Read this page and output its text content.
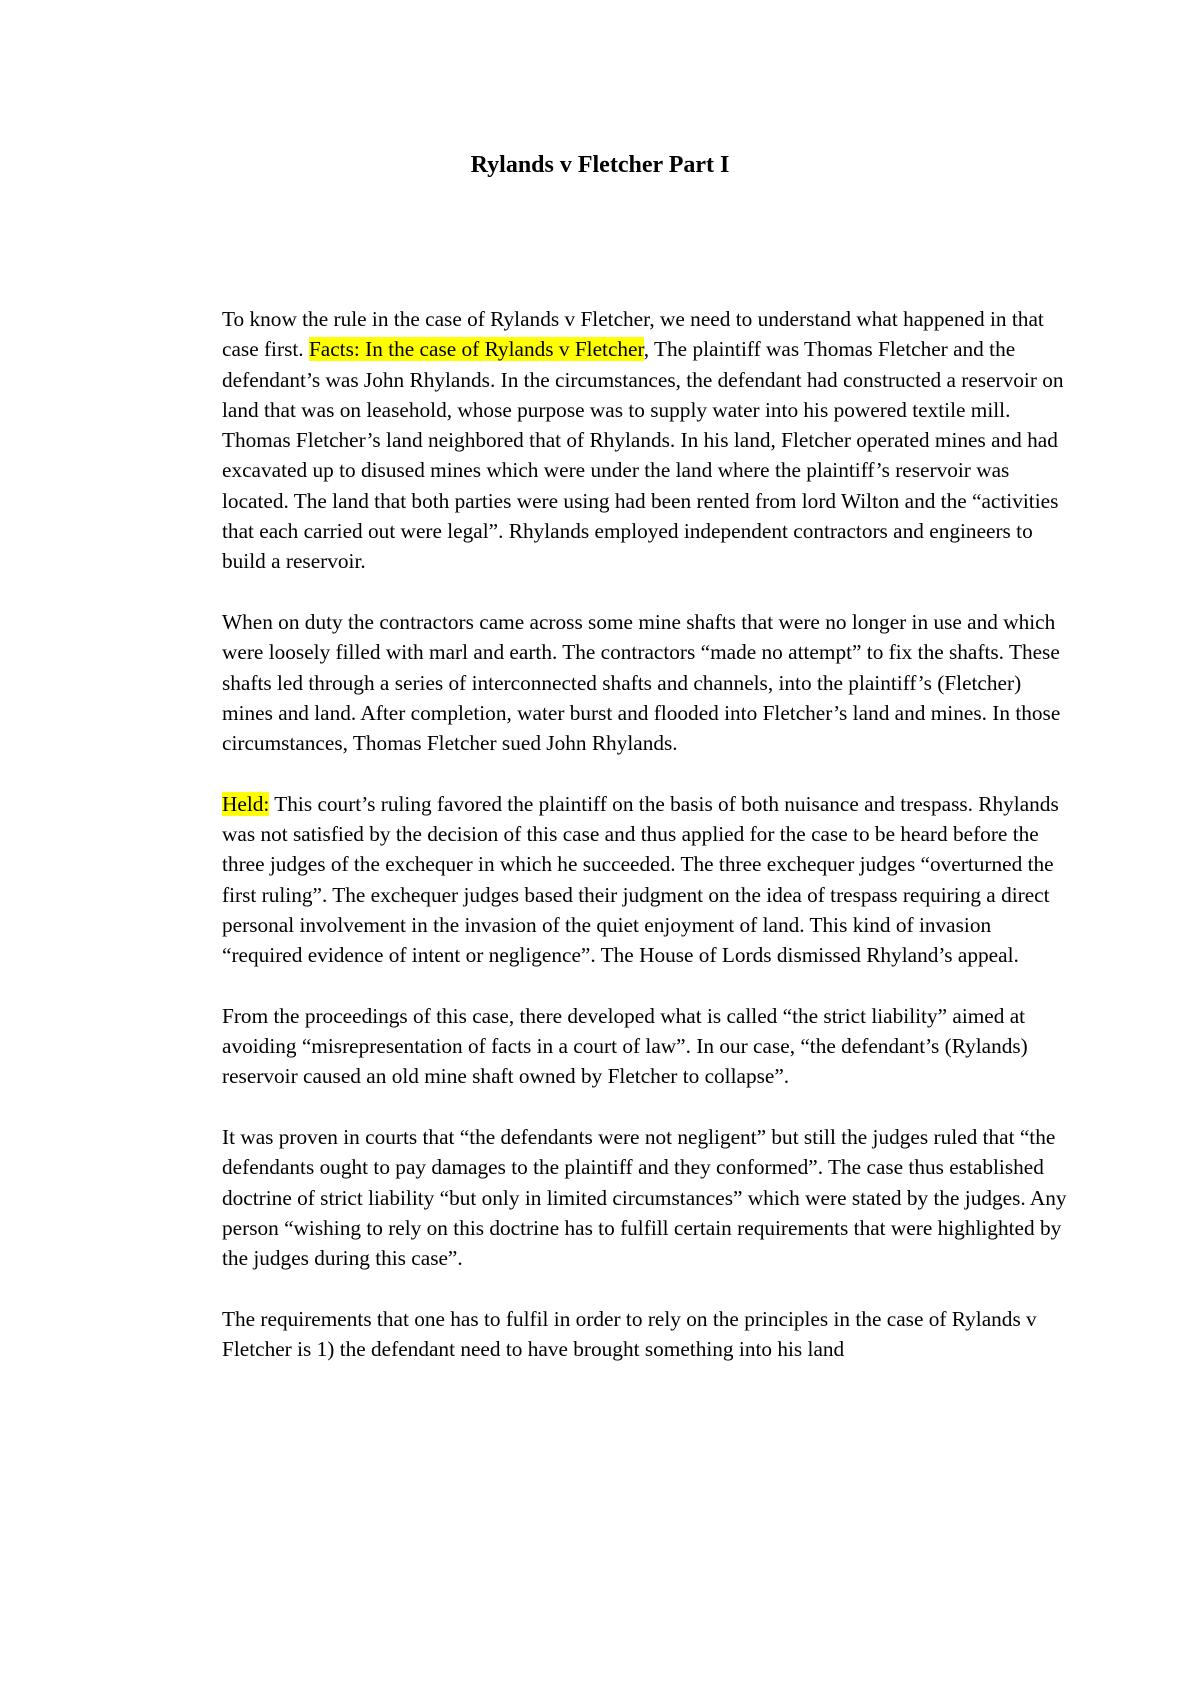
Rylands v Fletcher Part I

To know the rule in the case of Rylands v Fletcher, we need to understand what happened in that case first. Facts: In the case of Rylands v Fletcher, The plaintiff was Thomas Fletcher and the defendant’s was John Rhylands. In the circumstances, the defendant had constructed a reservoir on land that was on leasehold, whose purpose was to supply water into his powered textile mill. Thomas Fletcher’s land neighbored that of Rhylands. In his land, Fletcher operated mines and had excavated up to disused mines which were under the land where the plaintiff’s reservoir was located. The land that both parties were using had been rented from lord Wilton and the “activities that each carried out were legal”. Rhylands employed independent contractors and engineers to build a reservoir.

When on duty the contractors came across some mine shafts that were no longer in use and which were loosely filled with marl and earth. The contractors “made no attempt” to fix the shafts. These shafts led through a series of interconnected shafts and channels, into the plaintiff’s (Fletcher) mines and land. After completion, water burst and flooded into Fletcher’s land and mines. In those circumstances, Thomas Fletcher sued John Rhylands.

Held: This court’s ruling favored the plaintiff on the basis of both nuisance and trespass. Rhylands was not satisfied by the decision of this case and thus applied for the case to be heard before the three judges of the exchequer in which he succeeded. The three exchequer judges “overturned the first ruling”. The exchequer judges based their judgment on the idea of trespass requiring a direct personal involvement in the invasion of the quiet enjoyment of land. This kind of invasion “required evidence of intent or negligence”. The House of Lords dismissed Rhyland’s appeal.

From the proceedings of this case, there developed what is called “the strict liability” aimed at avoiding “misrepresentation of facts in a court of law”. In our case, “the defendant’s (Rylands) reservoir caused an old mine shaft owned by Fletcher to collapse”.

It was proven in courts that “the defendants were not negligent” but still the judges ruled that “the defendants ought to pay damages to the plaintiff and they conformed”. The case thus established doctrine of strict liability “but only in limited circumstances” which were stated by the judges. Any person “wishing to rely on this doctrine has to fulfill certain requirements that were highlighted by the judges during this case”.

The requirements that one has to fulfil in order to rely on the principles in the case of Rylands v Fletcher is 1) the defendant need to have brought something into his land
